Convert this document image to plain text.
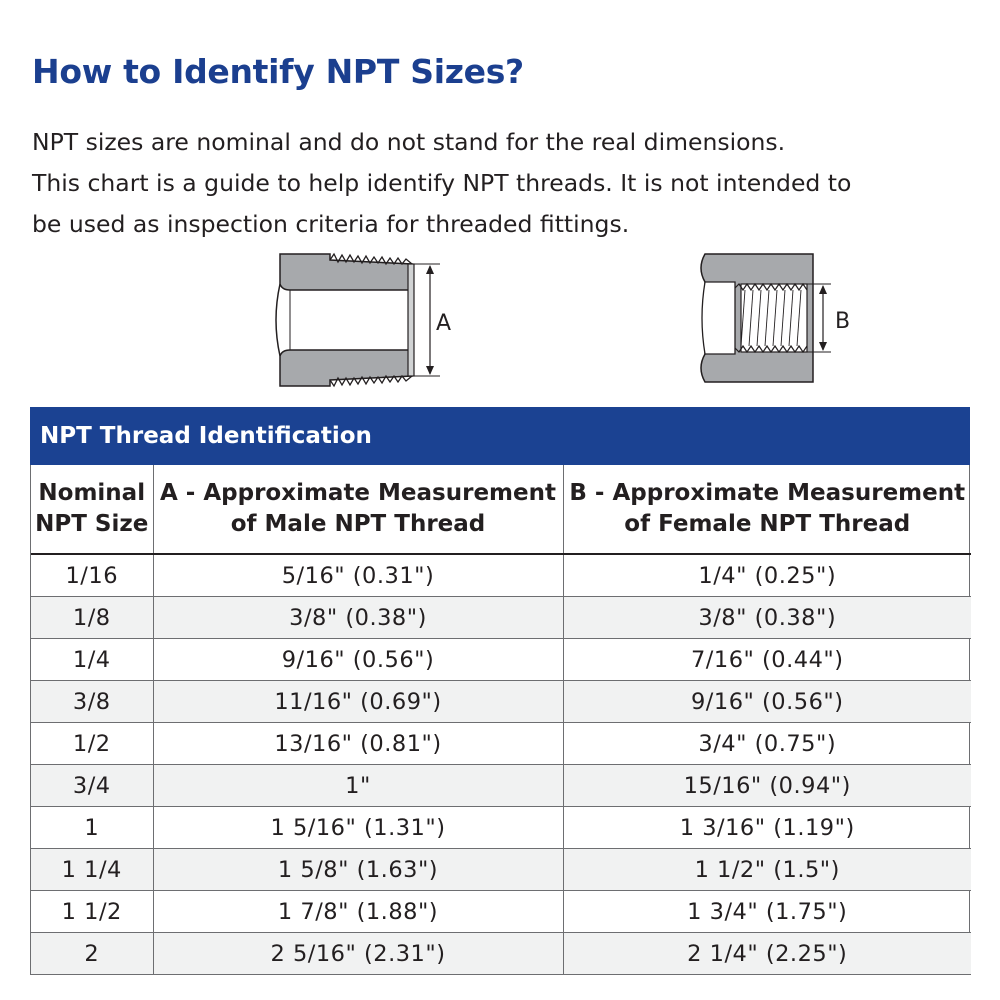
How to Identify NPT Sizes?

NPT sizes are nominal and do not stand for the real dimensions.

This chart is a guide to help identify NPT threads. It is not intended to

be used as inspection criteria for threaded fittings.

A	B
NPT Thread Identification
Nominal NPT Size	A - Approximate Measurement of Male NPT Thread	B - Approximate Measurement of Female NPT Thread
1/16	5/16" (0.31")	1/4" (0.25")
1/8	3/8" (0.38")	3/8" (0.38")
1/4	9/16" (0.56")	7/16" (0.44")
3/8	11/16" (0.69")	9/16" (0.56")
1/2	13/16" (0.81")	3/4" (0.75")
3/4	1"	15/16" (0.94")
1	1 5/16" (1.31")	1 3/16" (1.19")
1 1/4	1 5/8" (1.63")	1 1/2" (1.5")
1 1/2	1 7/8" (1.88")	1 3/4" (1.75")
2	2 5/16" (2.31")	2 1/4" (2.25")
